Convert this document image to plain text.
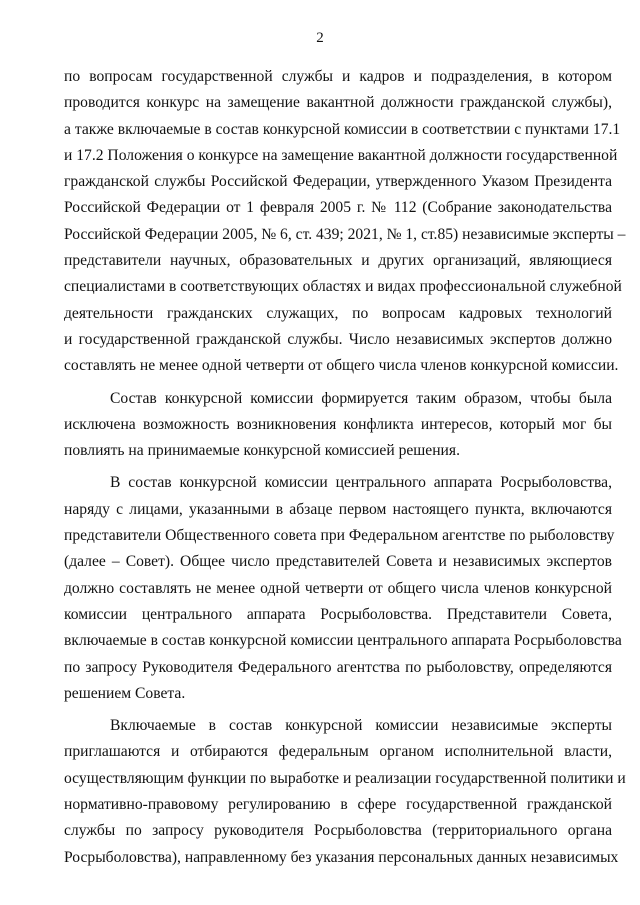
2
по вопросам государственной службы и кадров и подразделения, в котором
проводится конкурс на замещение вакантной должности гражданской службы),
а также включаемые в состав конкурсной комиссии в соответствии с пунктами 17.1
и 17.2 Положения о конкурсе на замещение вакантной должности государственной
гражданской службы Российской Федерации, утвержденного Указом Президента
Российской Федерации от 1 февраля 2005 г. № 112 (Собрание законодательства
Российской Федерации 2005, № 6, ст. 439; 2021, № 1, ст.85) независимые эксперты –
представители научных, образовательных и других организаций, являющиеся
специалистами в соответствующих областях и видах профессиональной служебной
деятельности гражданских служащих, по вопросам кадровых технологий
и государственной гражданской службы. Число независимых экспертов должно
составлять не менее одной четверти от общего числа членов конкурсной комиссии.
Состав конкурсной комиссии формируется таким образом, чтобы была
исключена возможность возникновения конфликта интересов, который мог бы
повлиять на принимаемые конкурсной комиссией решения.
В состав конкурсной комиссии центрального аппарата Росрыболовства,
наряду с лицами, указанными в абзаце первом настоящего пункта, включаются
представители Общественного совета при Федеральном агентстве по рыболовству
(далее – Совет). Общее число представителей Совета и независимых экспертов
должно составлять не менее одной четверти от общего числа членов конкурсной
комиссии центрального аппарата Росрыболовства. Представители Совета,
включаемые в состав конкурсной комиссии центрального аппарата Росрыболовства
по запросу Руководителя Федерального агентства по рыболовству, определяются
решением Совета.
Включаемые в состав конкурсной комиссии независимые эксперты
приглашаются и отбираются федеральным органом исполнительной власти,
осуществляющим функции по выработке и реализации государственной политики и
нормативно-правовому регулированию в сфере государственной гражданской
службы по запросу руководителя Росрыболовства (территориального органа
Росрыболовства), направленному без указания персональных данных независимых
